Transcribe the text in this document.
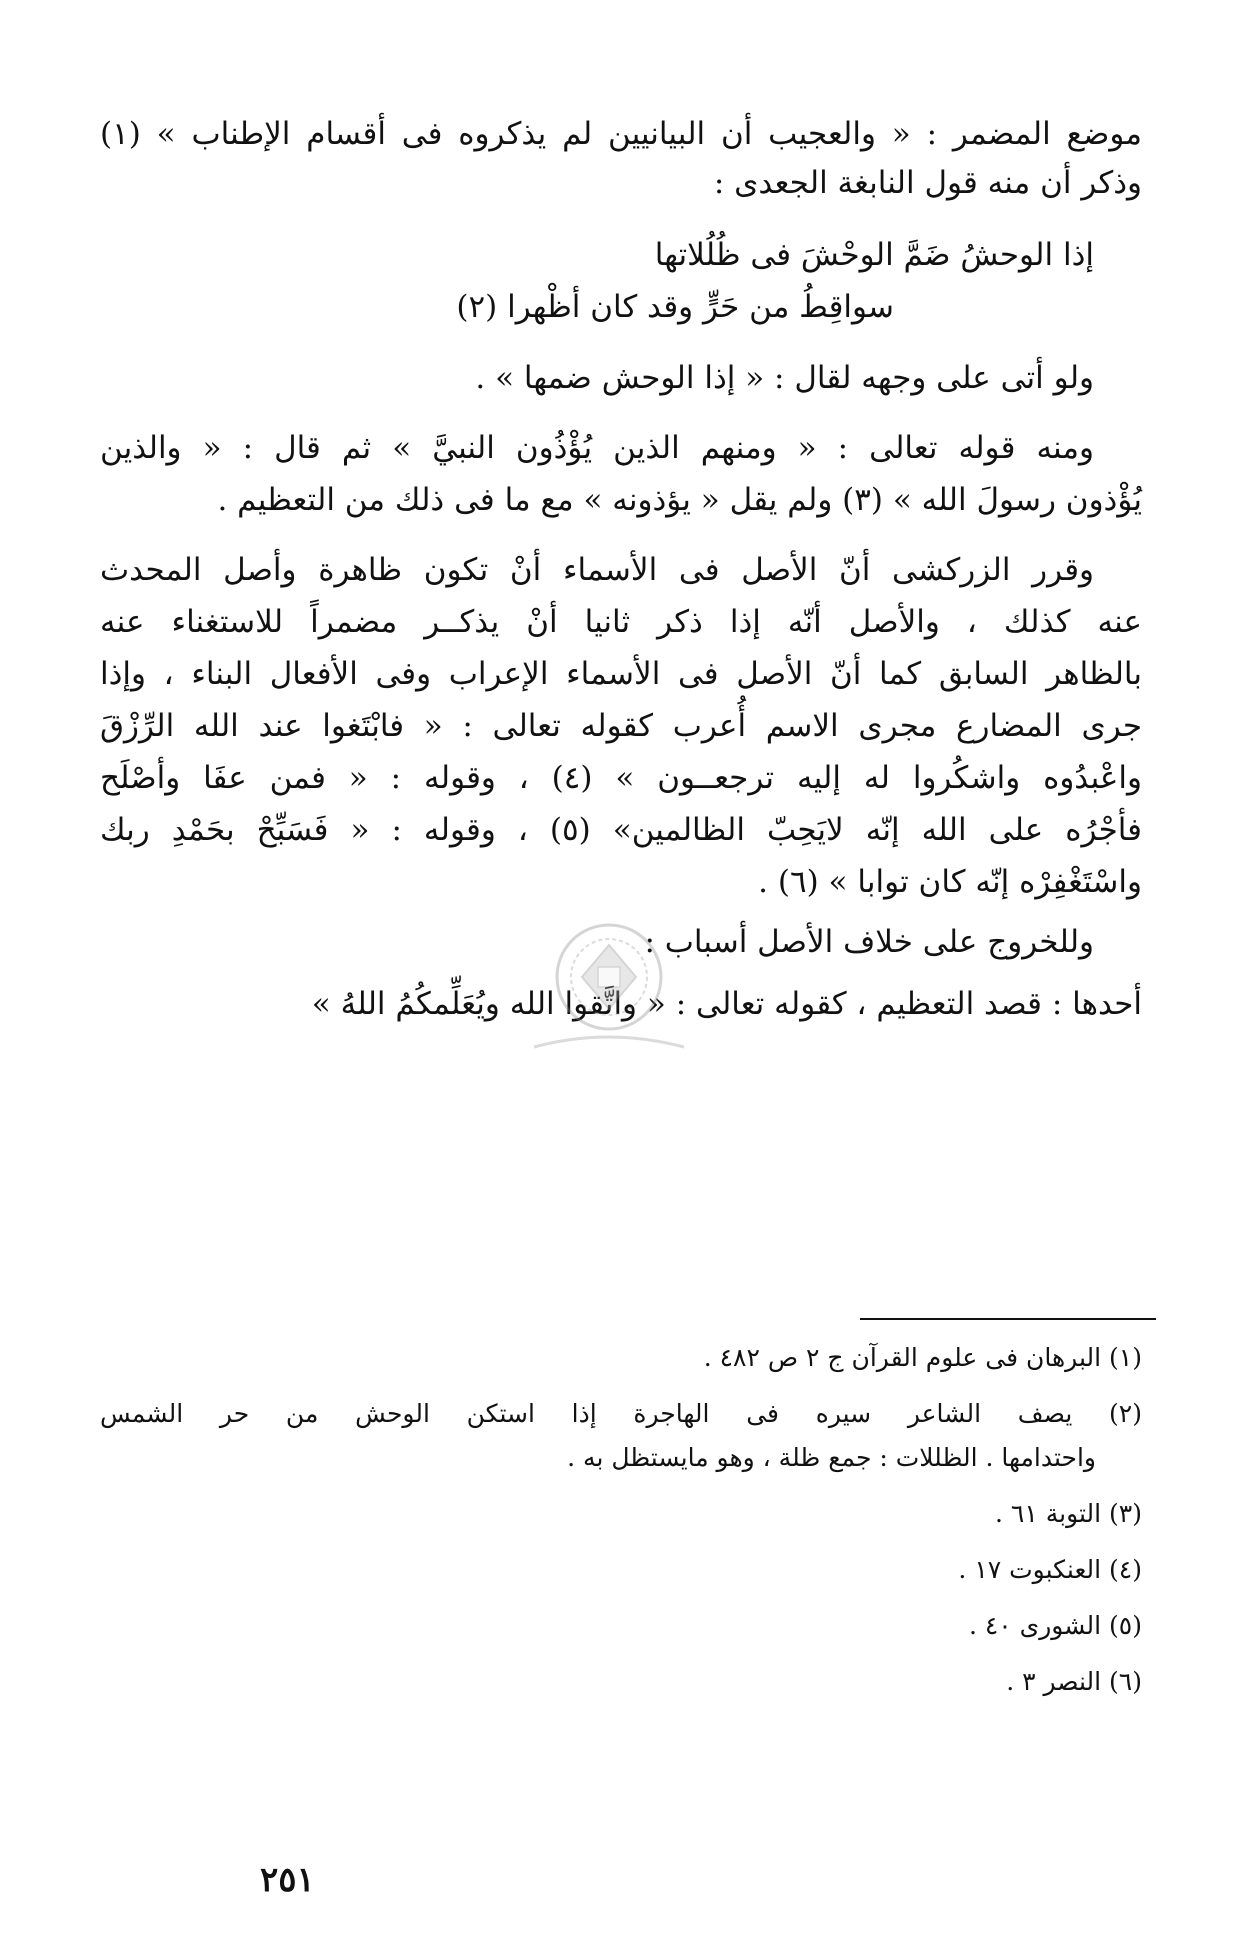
موضع المضمر : « والعجيب أن البيانيين لم يذكروه فى أقسام الإطناب » (١)
وذكر أن منه قول النابغة الجعدى :
إذا الوحشُ ضَمَّ الوحْشَ فى ظُلُلاتها
سواقِطُ من حَرٍّ وقد كان أظْهرا (٢)
ولو أتى على وجهه لقال : « إذا الوحش ضمها » .
ومنه قوله تعالى : « ومنهم الذين يُؤْذُون النبيَّ » ثم قال : « والذين
يُؤْذون رسولَ الله » (٣) ولم يقل « يؤذونه » مع ما فى ذلك من التعظيم .
وقرر الزركشى أنّ الأصل فى الأسماء أنْ تكون ظاهرة وأصل المحدث
عنه كذلك ، والأصل أنّه إذا ذكر ثانيا أنْ يذكــر مضمراً للاستغناء عنه
بالظاهر السابق كما أنّ الأصل فى الأسماء الإعراب وفى الأفعال البناء ، وإذا
جرى المضارع مجرى الاسم أُعرب كقوله تعالى : « فابْتَغوا عند الله الرِّزْقَ
واعْبدُوه واشكُروا له إليه ترجعــون » (٤) ، وقوله : « فمن عفَا وأصْلَح
فأجْرُه على الله إنّه لايَحِبّ الظالمين» (٥) ، وقوله : « فَسَبِّحْ بحَمْدِ ربك
واسْتَغْفِرْه إنّه كان توابا » (٦) .
وللخروج على خلاف الأصل أسباب :
أحدها : قصد التعظيم ، كقوله تعالى : « واتَّقوا الله ويُعَلِّمكُمُ اللهُ »
(١) البرهان فى علوم القرآن ج ٢ ص ٤٨٢ .
(٢) يصف الشاعر سيره فى الهاجرة إذا استكن الوحش من حر الشمس
واحتدامها . الظللات : جمع ظلة ، وهو مايستظل به .
(٣) التوبة ٦١ .
(٤) العنكبوت ١٧ .
(٥) الشورى ٤٠ .
(٦) النصر ٣ .
٢٥١
